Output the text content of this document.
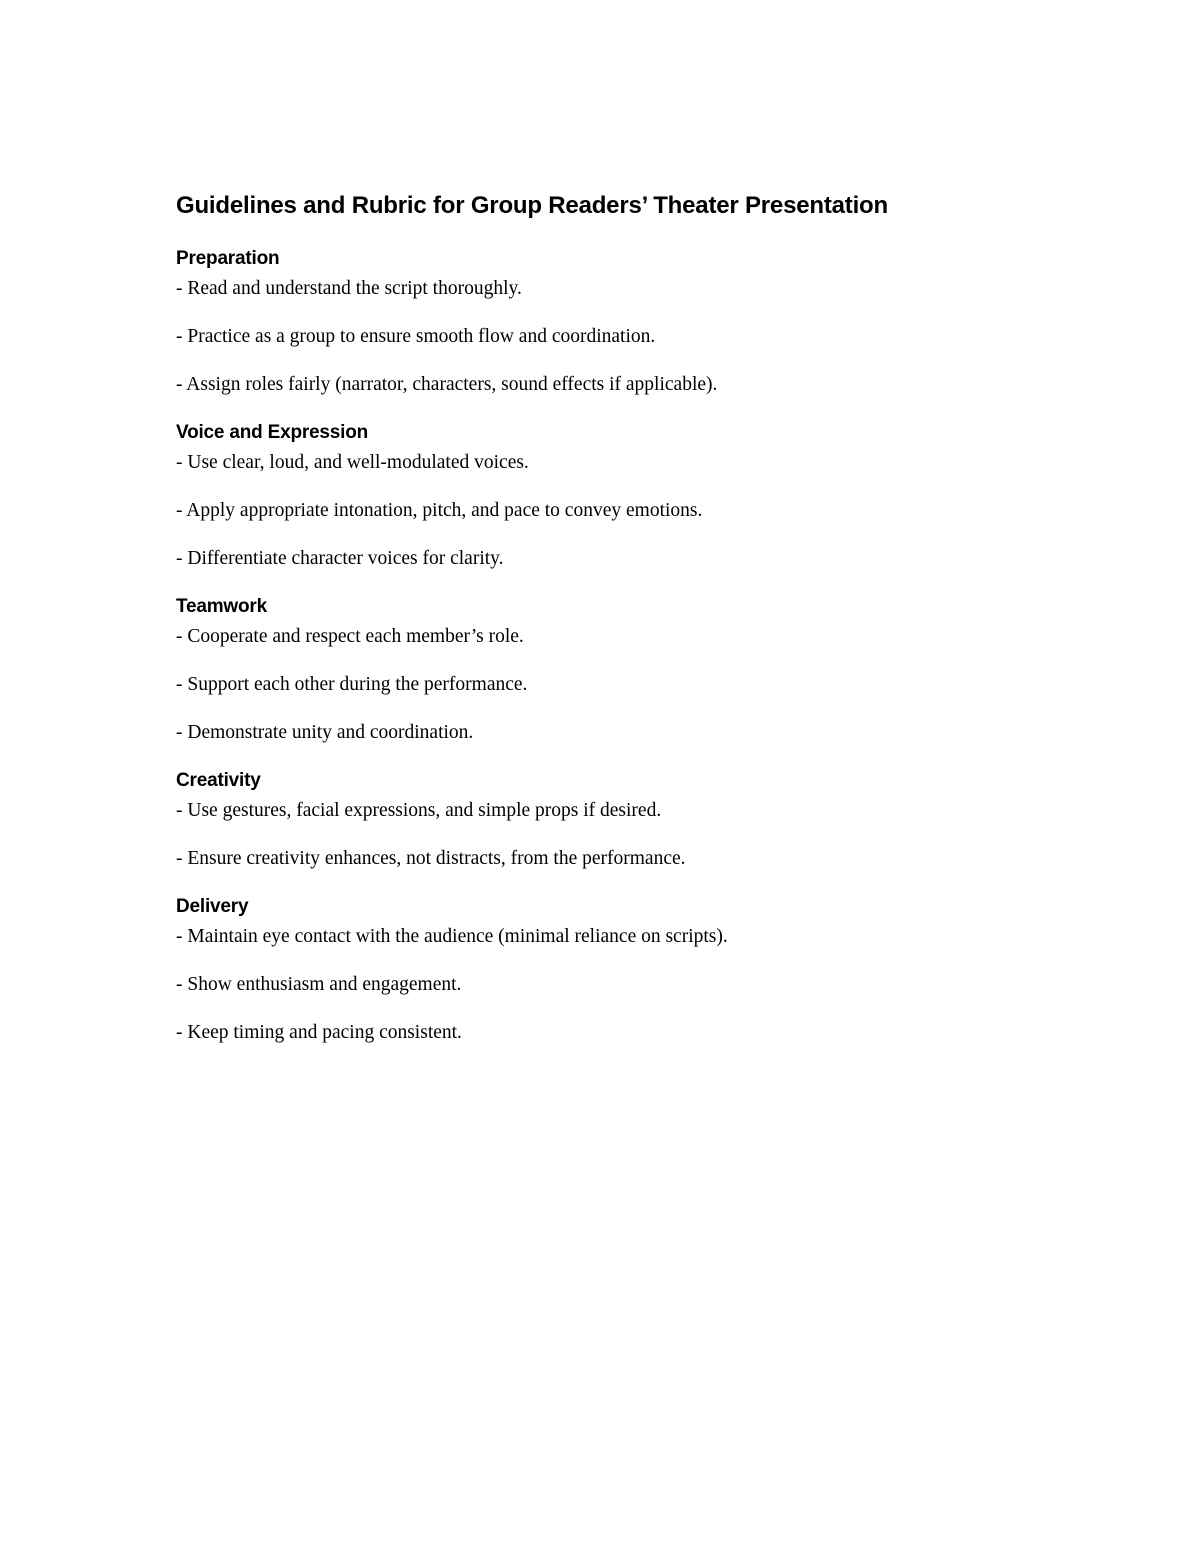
Guidelines and Rubric for Group Readers’ Theater Presentation
Preparation
- Read and understand the script thoroughly.
- Practice as a group to ensure smooth flow and coordination.
- Assign roles fairly (narrator, characters, sound effects if applicable).
Voice and Expression
- Use clear, loud, and well-modulated voices.
- Apply appropriate intonation, pitch, and pace to convey emotions.
- Differentiate character voices for clarity.
Teamwork
- Cooperate and respect each member’s role.
- Support each other during the performance.
- Demonstrate unity and coordination.
Creativity
- Use gestures, facial expressions, and simple props if desired.
- Ensure creativity enhances, not distracts, from the performance.
Delivery
- Maintain eye contact with the audience (minimal reliance on scripts).
- Show enthusiasm and engagement.
- Keep timing and pacing consistent.
